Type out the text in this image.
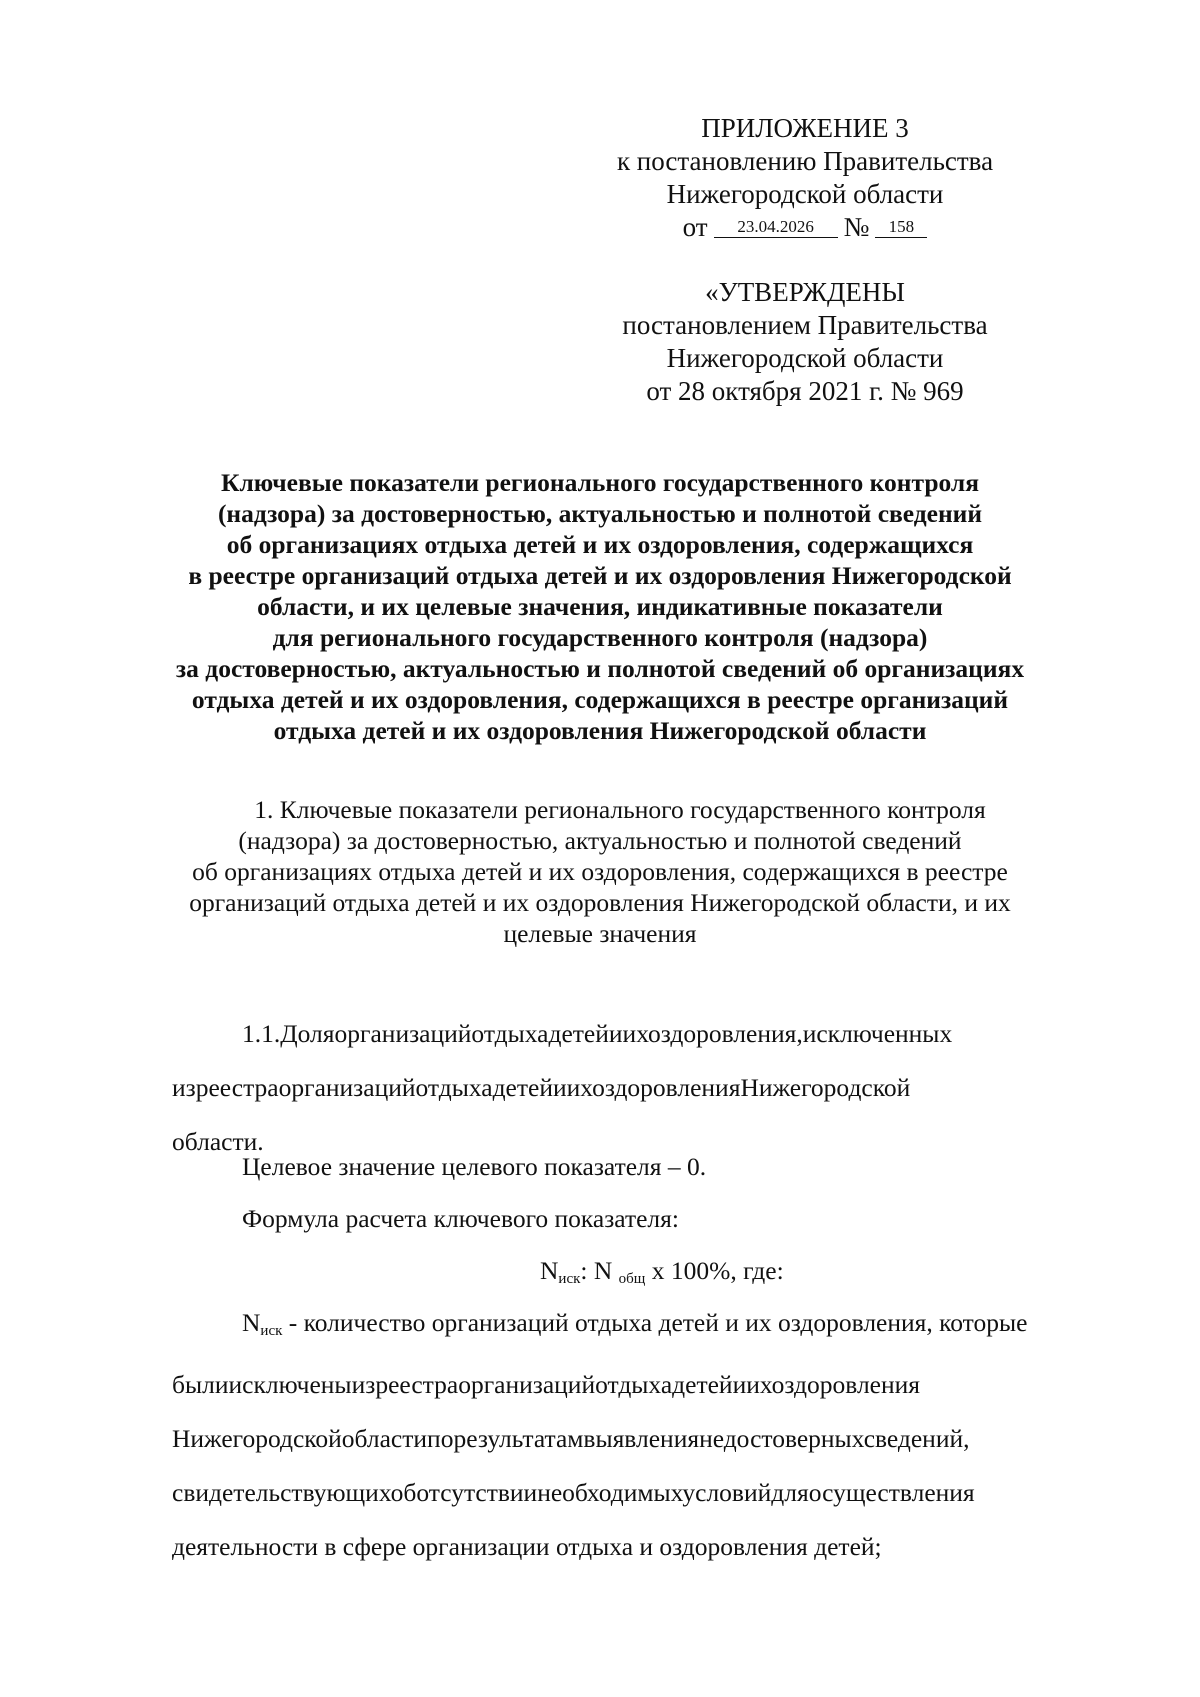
ПРИЛОЖЕНИЕ 3
к постановлению Правительства
Нижегородской области
от 23.04.2026 № 158
«УТВЕРЖДЕНЫ
постановлением Правительства
Нижегородской области
от 28 октября 2021 г. № 969
Ключевые показатели регионального государственного контроля
(надзора) за достоверностью, актуальностью и полнотой сведений
об организациях отдыха детей и их оздоровления, содержащихся
в реестре организаций отдыха детей и их оздоровления Нижегородской
области, и их целевые значения, индикативные показатели
для регионального государственного контроля (надзора)
за достоверностью, актуальностью и полнотой сведений об организациях
отдыха детей и их оздоровления, содержащихся в реестре организаций
отдыха детей и их оздоровления Нижегородской области
1. Ключевые показатели регионального государственного контроля
(надзора) за достоверностью, актуальностью и полнотой сведений
об организациях отдыха детей и их оздоровления, содержащихся в реестре
организаций отдыха детей и их оздоровления Нижегородской области, и их
целевые значения
1.1.Доляорганизацийотдыхадетейиихоздоровления,исключенных
изреестраорганизацийотдыхадетейиихоздоровленияНижегородской
области.
Целевое значение целевого показателя – 0.
Формула расчета ключевого показателя:
$N_{иск}$: N $_{общ}$ x 100%, где:
$N_{иск}$ - количество организаций отдыха детей и их оздоровления, которые
былиисключеныизреестраорганизацийотдыхадетейиихоздоровления
Нижегородскойобластипорезультатамвыявлениянедостоверныхсведений,
свидетельствующихоботсутствиинеобходимыхусловийдляосуществления
деятельности в сфере организации отдыха и оздоровления детей;
